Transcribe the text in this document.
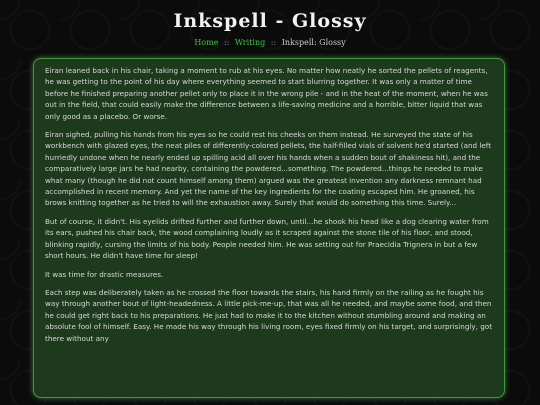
Inkspell - Glossy
Home :: Writing :: Inkspell: Glossy

Eiran leaned back in his chair, taking a moment to rub at his eyes. No matter how neatly he sorted the pellets of reagents, he was getting to the point of his day where everything seemed to start blurring together. It was only a matter of time before he finished preparing another pellet only to place it in the wrong pile - and in the heat of the moment, when he was out in the field, that could easily make the difference between a life-saving medicine and a horrible, bitter liquid that was only good as a placebo. Or worse.

Eiran sighed, pulling his hands from his eyes so he could rest his cheeks on them instead. He surveyed the state of his workbench with glazed eyes, the neat piles of differently-colored pellets, the half-filled vials of solvent he'd started (and left hurriedly undone when he nearly ended up spilling acid all over his hands when a sudden bout of shakiness hit), and the comparatively large jars he had nearby, containing the powdered...something. The powdered...things he needed to make what many (though he did not count himself among them) argued was the greatest invention any darkness remnant had accomplished in recent memory. And yet the name of the key ingredients for the coating escaped him. He groaned, his brows knitting together as he tried to will the exhaustion away. Surely that would do something this time. Surely...

But of course, it didn't. His eyelids drifted further and further down, until...he shook his head like a dog clearing water from its ears, pushed his chair back, the wood complaining loudly as it scraped against the stone tile of his floor, and stood, blinking rapidly, cursing the limits of his body. People needed him. He was setting out for Praecidia Trignera in but a few short hours. He didn't have time for sleep!

It was time for drastic measures.

Each step was deliberately taken as he crossed the floor towards the stairs, his hand firmly on the railing as he fought his way through another bout of light-headedness. A little pick-me-up, that was all he needed, and maybe some food, and then he could get right back to his preparations. He just had to make it to the kitchen without stumbling around and making an absolute fool of himself. Easy. He made his way through his living room, eyes fixed firmly on his target, and surprisingly, got there without any
